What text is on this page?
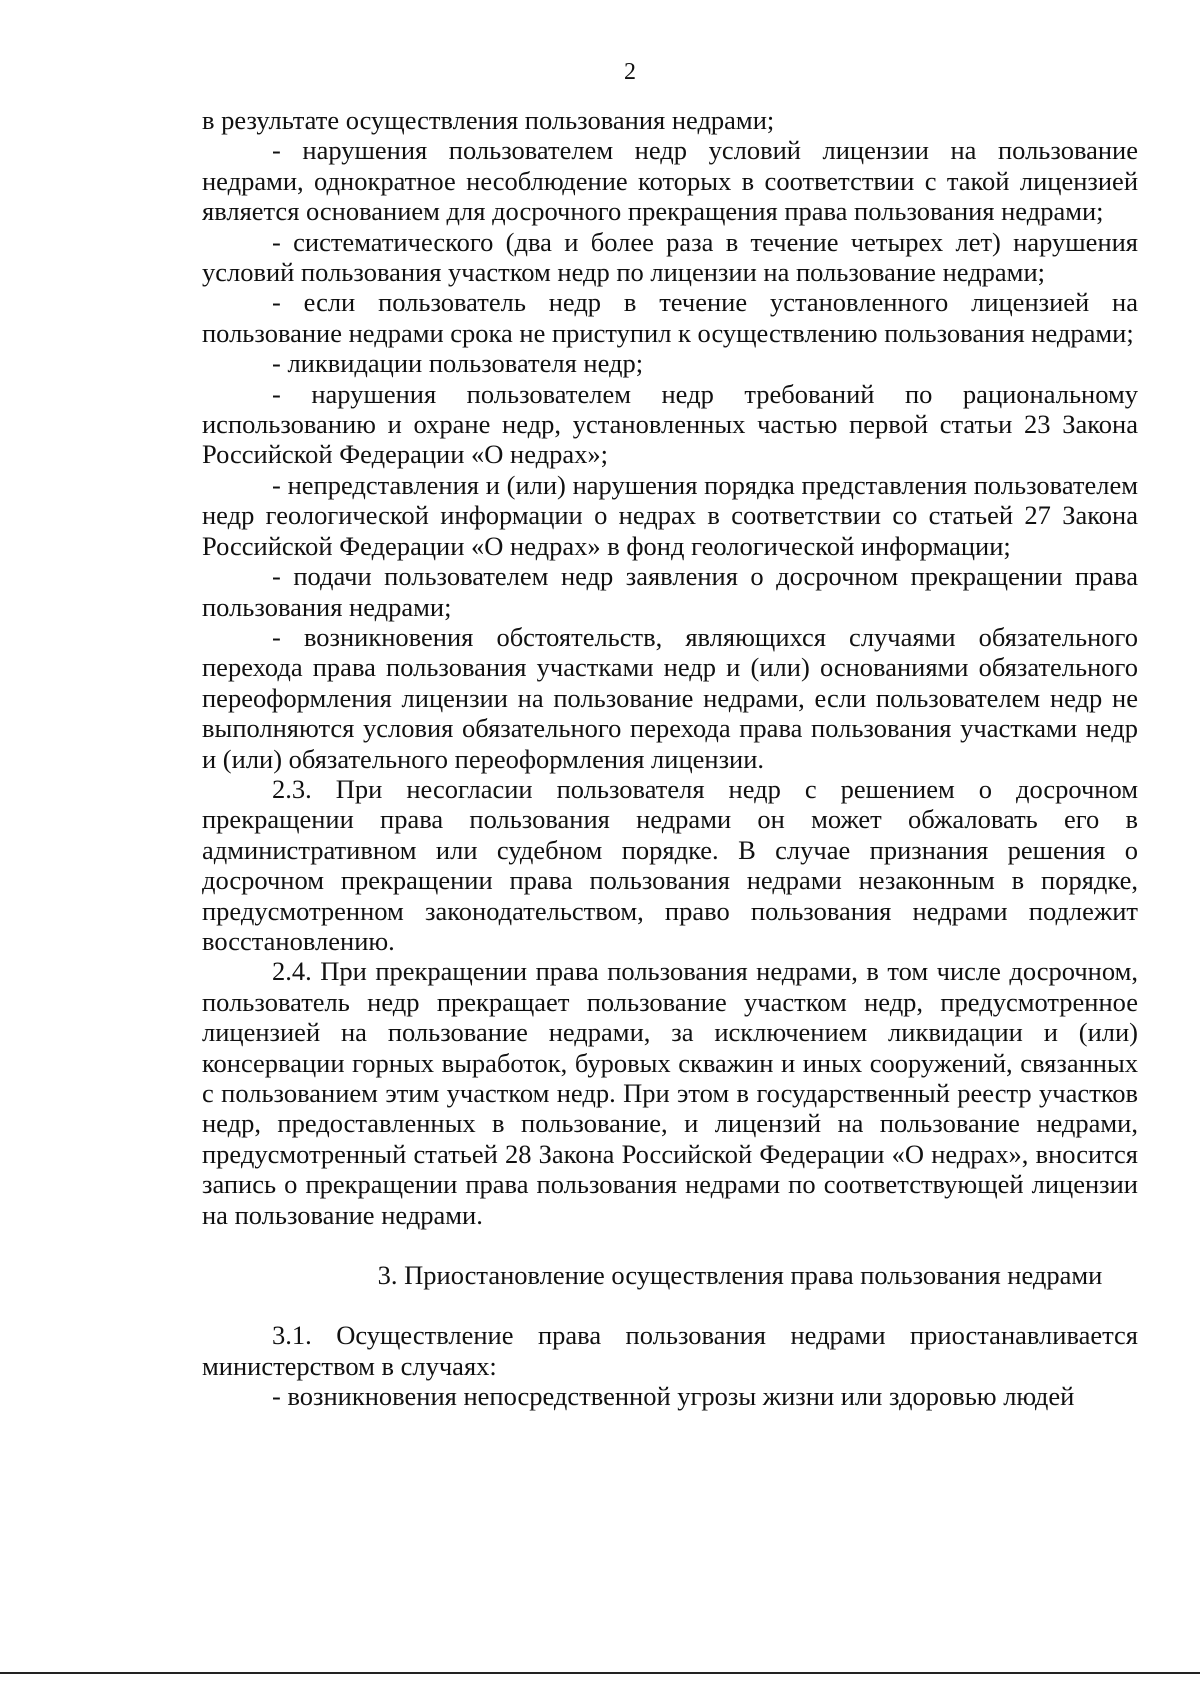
2

в результате осуществления пользования недрами;

- нарушения пользователем недр условий лицензии на пользование недрами, однократное несоблюдение которых в соответствии с такой лицензией является основанием для досрочного прекращения права пользования недрами;

- систематического (два и более раза в течение четырех лет) нарушения условий пользования участком недр по лицензии на пользование недрами;

- если пользователь недр в течение установленного лицензией на пользование недрами срока не приступил к осуществлению пользования недрами;

- ликвидации пользователя недр;

- нарушения пользователем недр требований по рациональному использованию и охране недр, установленных частью первой статьи 23 Закона Российской Федерации «О недрах»;

- непредставления и (или) нарушения порядка представления пользователем недр геологической информации о недрах в соответствии со статьей 27 Закона Российской Федерации «О недрах» в фонд геологической информации;

- подачи пользователем недр заявления о досрочном прекращении права пользования недрами;

- возникновения обстоятельств, являющихся случаями обязательного перехода права пользования участками недр и (или) основаниями обязательного переоформления лицензии на пользование недрами, если пользователем недр не выполняются условия обязательного перехода права пользования участками недр и (или) обязательного переоформления лицензии.

2.3. При несогласии пользователя недр с решением о досрочном прекращении права пользования недрами он может обжаловать его в административном или судебном порядке. В случае признания решения о досрочном прекращении права пользования недрами незаконным в порядке, предусмотренном законодательством, право пользования недрами подлежит восстановлению.

2.4. При прекращении права пользования недрами, в том числе досрочном, пользователь недр прекращает пользование участком недр, предусмотренное лицензией на пользование недрами, за исключением ликвидации и (или) консервации горных выработок, буровых скважин и иных сооружений, связанных с пользованием этим участком недр. При этом в государственный реестр участков недр, предоставленных в пользование, и лицензий на пользование недрами, предусмотренный статьей 28 Закона Российской Федерации «О недрах», вносится запись о прекращении права пользования недрами по соответствующей лицензии на пользование недрами.

3. Приостановление осуществления права пользования недрами

3.1. Осуществление права пользования недрами приостанавливается министерством в случаях:

- возникновения непосредственной угрозы жизни или здоровью людей
